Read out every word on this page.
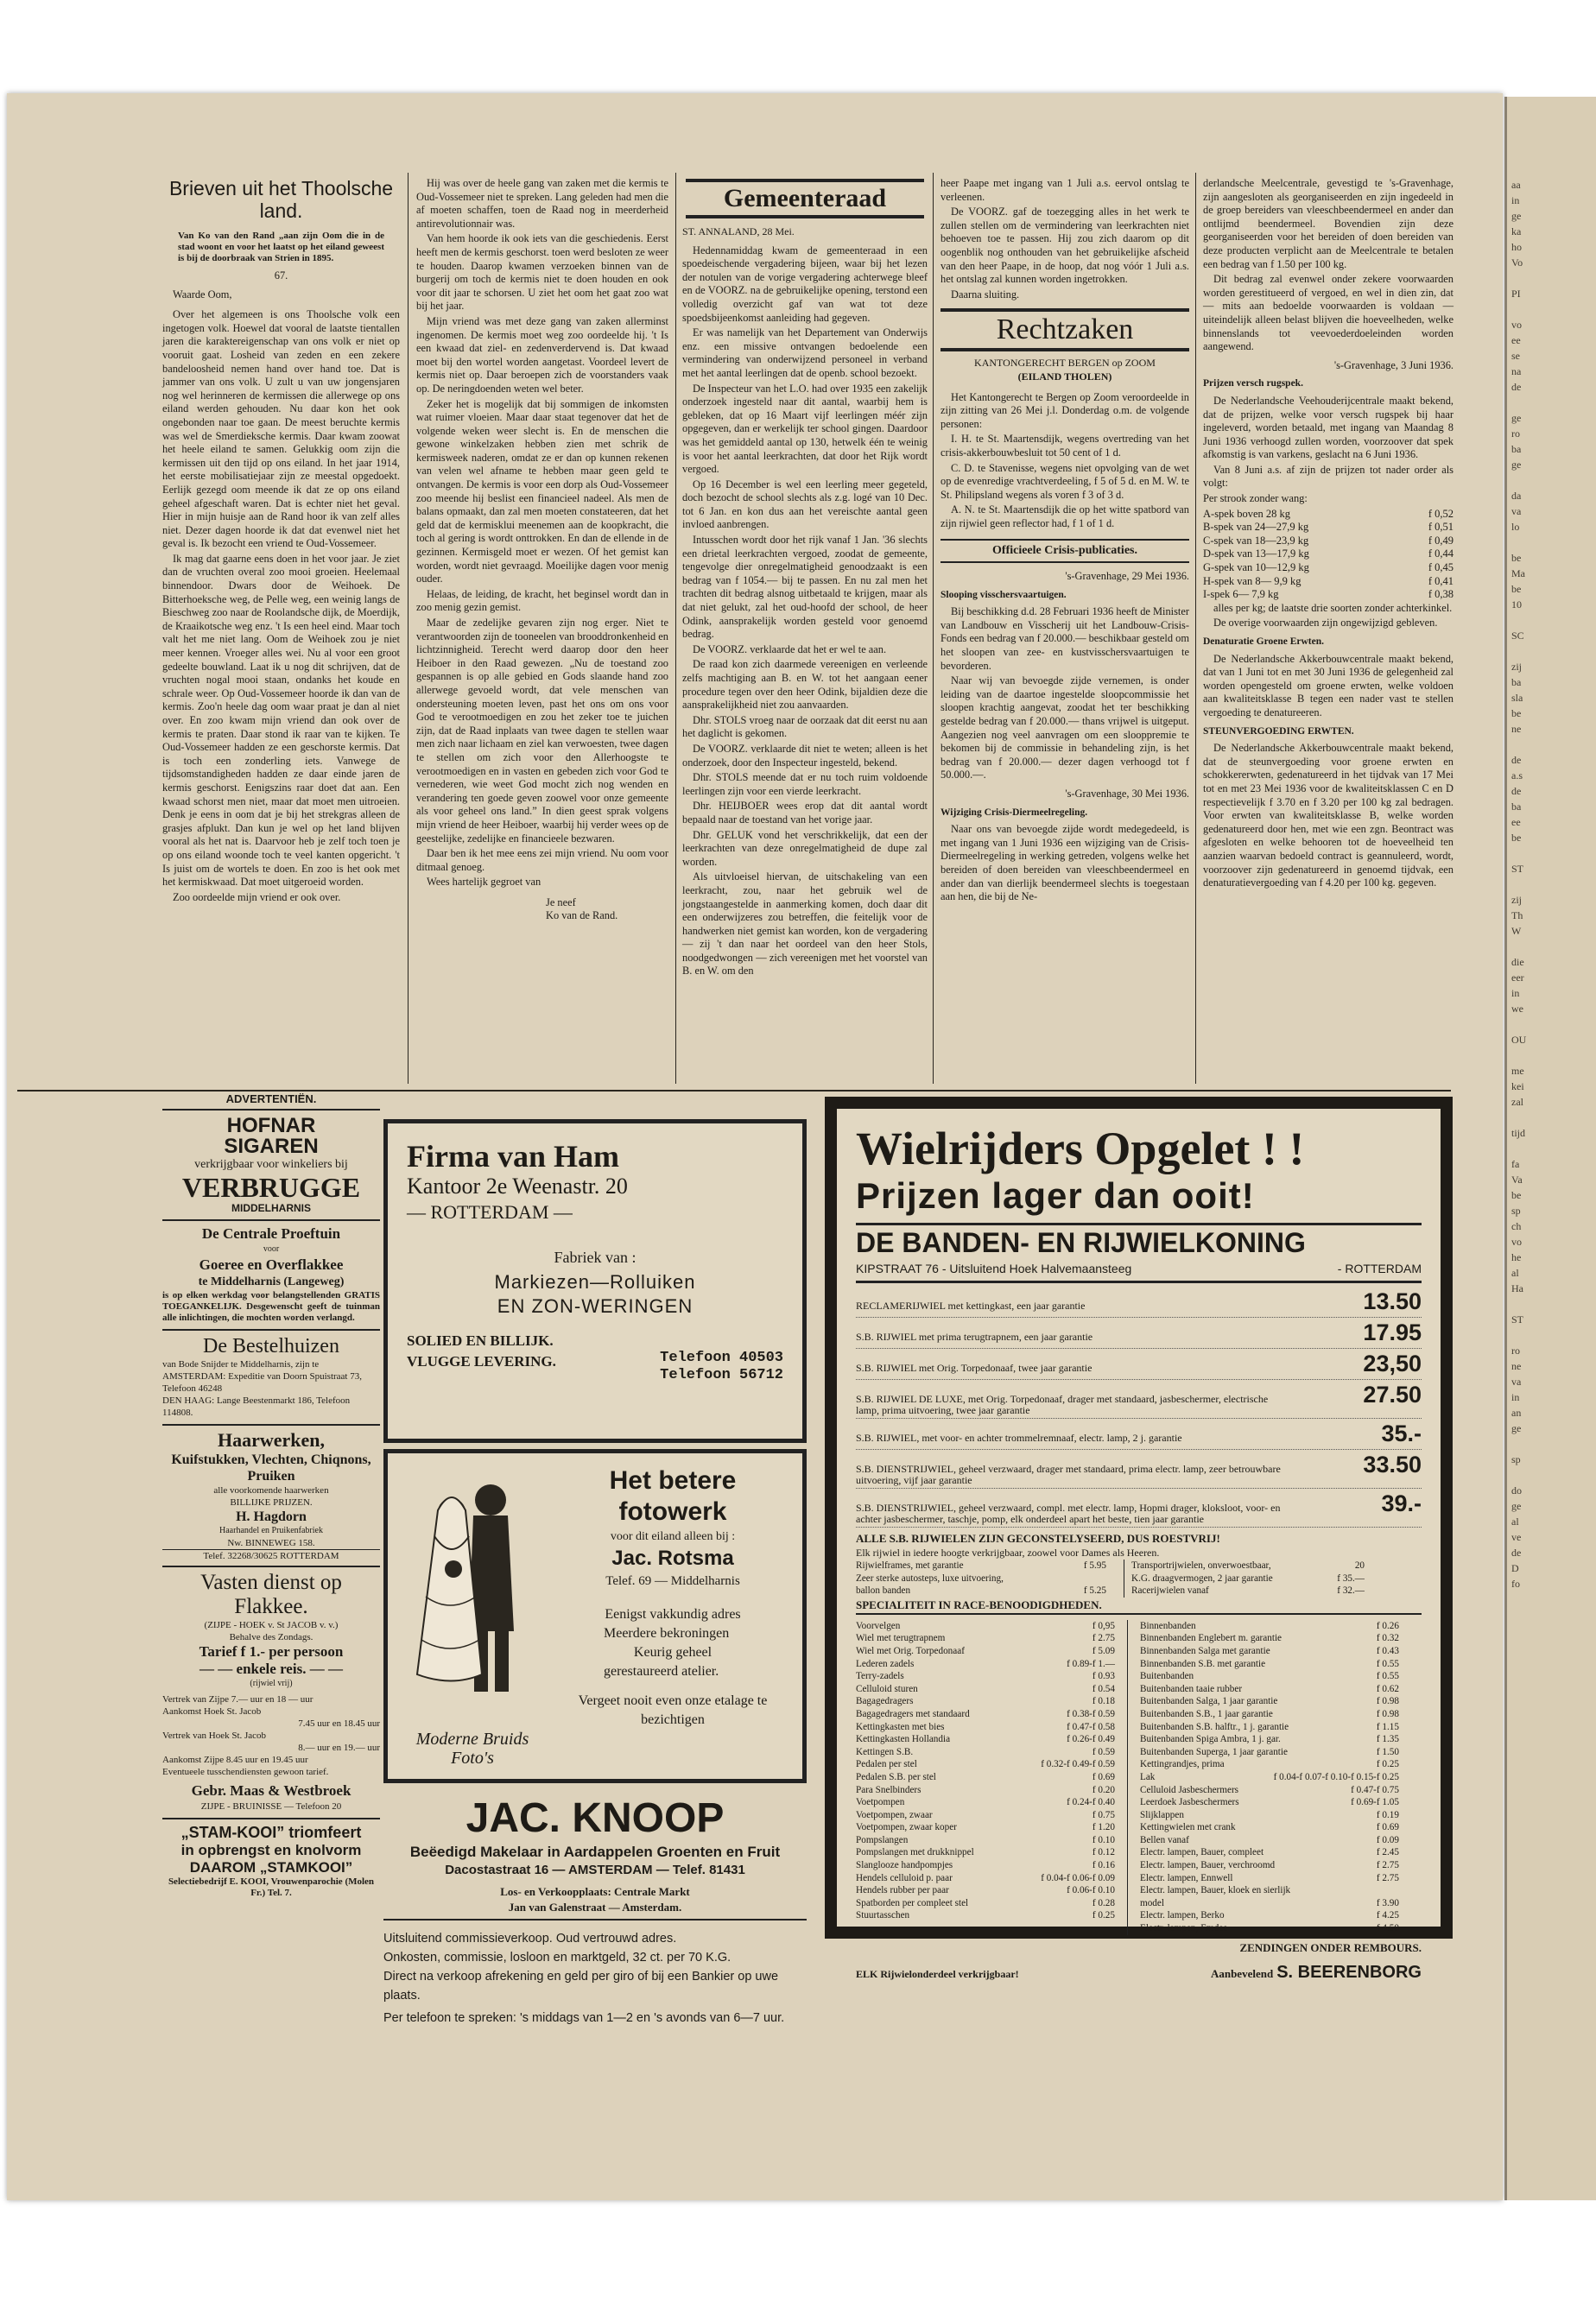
Brieven uit het Thoolsche land.

Van Ko van den Rand „aan zijn Oom die in de stad woont en voor het laatst op het eiland geweest is bij de doorbraak van Strien in 1895.

67.

Waarde Oom,

Over het algemeen is ons Thoolsche volk een ingetogen volk. Hoewel dat vooral de laatste tientallen jaren die karaktereigenschap van ons volk er niet op vooruit gaat. Losheid van zeden en een zekere bandeloosheid nemen hand over hand toe. Dat is jammer van ons volk. U zult u van uw jongensjaren nog wel herinneren de kermissen die allerwege op ons eiland werden gehouden. Nu daar kon het ook ongebonden naar toe gaan. De meest beruchte kermis was wel de Smerdieksche kermis. Daar kwam zoowat het heele eiland te samen. Gelukkig oom zijn die kermissen uit den tijd op ons eiland. In het jaar 1914, het eerste mobilisatiejaar zijn ze meestal opgedoekt. Eerlijk gezegd oom meende ik dat ze op ons eiland geheel afgeschaft waren. Dat is echter niet het geval. Hier in mijn huisje aan de Rand hoor ik van zelf alles niet. Dezer dagen hoorde ik dat dat evenwel niet het geval is. Ik bezocht een vriend te Oud-Vossemeer.

Ik mag dat gaarne eens doen in het voor jaar. Je ziet dan de vruchten overal zoo mooi groeien. Heelemaal binnendoor. Dwars door de Weihoek. De Bitterhoeksche weg, de Pelle weg, een weinig langs de Bieschweg zoo naar de Roolandsche dijk, de Moerdijk, de Kraaikotsche weg enz. 't Is een heel eind. Maar toch valt het me niet lang. Oom de Weihoek zou je niet meer kennen. Vroeger alles wei. Nu al voor een groot gedeelte bouwland. Laat ik u nog dit schrijven, dat de vruchten nogal mooi staan, ondanks het koude en schrale weer. Op Oud-Vossemeer hoorde ik dan van de kermis. Zoo'n heele dag oom waar praat je dan al niet over. En zoo kwam mijn vriend dan ook over de kermis te praten. Daar stond ik raar van te kijken. Te Oud-Vossemeer hadden ze een geschorste kermis. Dat is toch een zonderling iets. Vanwege de tijdsomstandigheden hadden ze daar einde jaren de kermis geschorst. Eenigszins raar doet dat aan. Een kwaad schorst men niet, maar dat moet men uitroeien. Denk je eens in oom dat je bij het strekgras alleen de grasjes afplukt. Dan kun je wel op het land blijven vooral als het nat is. Daarvoor heb je zelf toch toen je op ons eiland woonde toch te veel kanten opgericht. 't Is juist om de wortels te doen. En zoo is het ook met het kermiskwaad. Dat moet uitgeroeid worden.

Zoo oordeelde mijn vriend er ook over.

Hij was over de heele gang van zaken met die kermis te Oud-Vossemeer niet te spreken. Lang geleden had men die af moeten schaffen, toen de Raad nog in meerderheid antirevolutionnair was.

Van hem hoorde ik ook iets van die geschiedenis. Eerst heeft men de kermis geschorst. toen werd besloten ze weer te houden. Daarop kwamen verzoeken binnen van de burgerij om toch de kermis niet te doen houden en ook voor dit jaar te schorsen. U ziet het oom het gaat zoo wat bij het jaar.

Mijn vriend was met deze gang van zaken allerminst ingenomen. De kermis moet weg zoo oordeelde hij. 't Is een kwaad dat ziel- en zedenverdervend is. Dat kwaad moet bij den wortel worden aangetast. Voordeel levert de kermis niet op. Daar beroepen zich de voorstanders vaak op. De neringdoenden weten wel beter.

Zeker het is mogelijk dat bij sommigen de inkomsten wat ruimer vloeien. Maar daar staat tegenover dat het de volgende weken weer slecht is. En de menschen die gewone winkelzaken hebben zien met schrik de kermisweek naderen, omdat ze er dan op kunnen rekenen van velen wel afname te hebben maar geen geld te ontvangen. De kermis is voor een dorp als Oud-Vossemeer zoo meende hij beslist een financieel nadeel. Als men de balans opmaakt, dan zal men moeten constateeren, dat het geld dat de kermisklui meenemen aan de koopkracht, die toch al gering is wordt onttrokken. En dan de ellende in de gezinnen. Kermisgeld moet er wezen. Of het gemist kan worden, wordt niet gevraagd. Moeilijke dagen voor menig ouder.

Helaas, de leiding, de kracht, het beginsel wordt dan in zoo menig gezin gemist.

Maar de zedelijke gevaren zijn nog erger. Niet te verantwoorden zijn de tooneelen van brooddronkenheid en lichtzinnigheid. Terecht werd daarop door den heer Heiboer in den Raad gewezen. „Nu de toestand zoo gespannen is op alle gebied en Gods slaande hand zoo allerwege gevoeld wordt, dat vele menschen van ondersteuning moeten leven, past het ons om ons voor God te verootmoedigen en zou het zeker toe te juichen zijn, dat de Raad inplaats van twee dagen te stellen waar men zich naar lichaam en ziel kan verwoesten, twee dagen te stellen om zich voor den Allerhoogste te verootmoedigen en in vasten en gebeden zich voor God te vernederen, wie weet God mocht zich nog wenden en verandering ten goede geven zoowel voor onze gemeente als voor geheel ons land.” In dien geest sprak volgens mijn vriend de heer Heiboer, waarbij hij verder wees op de geestelijke, zedelijke en financieele bezwaren.

Daar ben ik het mee eens zei mijn vriend. Nu oom voor ditmaal genoeg.

Wees hartelijk gegroet van

Je neef
Ko van de Rand.
Gemeenteraad
ST. ANNALAND, 28 Mei.

Hedennamiddag kwam de gemeenteraad in een spoedeischende vergadering bijeen, waar bij het lezen der notulen van de vorige vergadering achterwege bleef en de VOORZ. na de gebruikelijke opening, terstond een volledig overzicht gaf van wat tot deze spoedsbijeenkomst aanleiding had gegeven.

Er was namelijk van het Departement van Onderwijs enz. een missive ontvangen bedoelende een vermindering van onderwijzend personeel in verband met het aantal leerlingen dat de openb. school bezoekt.

De Inspecteur van het L.O. had over 1935 een zakelijk onderzoek ingesteld naar dit aantal, waarbij hem is gebleken, dat op 16 Maart vijf leerlingen méér zijn opgegeven, dan er werkelijk ter school gingen. Daardoor was het gemiddeld aantal op 130, hetwelk één te weinig is voor het aantal leerkrachten, dat door het Rijk wordt vergoed.

Op 16 December is wel een leerling meer gegeteld, doch bezocht de school slechts als z.g. logé van 10 Dec. tot 6 Jan. en kon dus aan het vereischte aantal geen invloed aanbrengen.

Intusschen wordt door het rijk vanaf 1 Jan. '36 slechts een drietal leerkrachten vergoed, zoodat de gemeente, tengevolge dier onregelmatigheid genoodzaakt is een bedrag van f 1054.— bij te passen. En nu zal men het trachten dit bedrag alsnog uitbetaald te krijgen, maar als dat niet gelukt, zal het oud-hoofd der school, de heer Odink, aansprakelijk worden gesteld voor genoemd bedrag.

De VOORZ. verklaarde dat het er wel te aan.

De raad kon zich daarmede vereenigen en verleende zelfs machtiging aan B. en W. tot het aangaan eener procedure tegen over den heer Odink, bijaldien deze die aansprakelijkheid niet zou aanvaarden.

Dhr. STOLS vroeg naar de oorzaak dat dit eerst nu aan het daglicht is gekomen.

De VOORZ. verklaarde dit niet te weten; alleen is het onderzoek, door den Inspecteur ingesteld, bekend.

Dhr. STOLS meende dat er nu toch ruim voldoende leerlingen zijn voor een vierde leerkracht.

Dhr. HEIJBOER wees erop dat dit aantal wordt bepaald naar de toestand van het vorige jaar.

Dhr. GELUK vond het verschrikkelijk, dat een der leerkrachten van deze onregelmatigheid de dupe zal worden.

Als uitvloeisel hiervan, de uitschakeling van een leerkracht, zou, naar het gebruik wel de jongstaangestelde in aanmerking komen, doch daar dit een onderwijzeres zou betreffen, die feitelijk voor de handwerken niet gemist kan worden, kon de vergadering — zij 't dan naar het oordeel van den heer Stols, noodgedwongen — zich vereenigen met het voorstel van B. en W. om den

heer Paape met ingang van 1 Juli a.s. eervol ontslag te verleenen.

De VOORZ. gaf de toezegging alles in het werk te zullen stellen om de vermindering van leerkrachten niet behoeven toe te passen. Hij zou zich daarom op dit oogenblik nog onthouden van het gebruikelijke afscheid van den heer Paape, in de hoop, dat nog vóór 1 Juli a.s. het ontslag zal kunnen worden ingetrokken.

Daarna sluiting.

Rechtzaken
KANTONGERECHT BERGEN op ZOOM
(EILAND THOLEN)

Het Kantongerecht te Bergen op Zoom veroordeelde in zijn zitting van 26 Mei j.l. Donderdag o.m. de volgende personen:

I. H. te St. Maartensdijk, wegens overtreding van het crisis-akkerbouwbesluit tot 50 cent of 1 d.

C. D. te Stavenisse, wegens niet opvolging van de wet op de evenredige vrachtverdeeling, f 5 of 5 d. en M. W. te St. Philipsland wegens als voren f 3 of 3 d.

A. N. te St. Maartensdijk die op het witte spatbord van zijn rijwiel geen reflector had, f 1 of 1 d.

Officieele Crisis-publicaties.
's-Gravenhage, 29 Mei 1936.
Slooping visschersvaartuigen.

Bij beschikking d.d. 28 Februari 1936 heeft de Minister van Landbouw en Visscherij uit het Landbouw-Crisis-Fonds een bedrag van f 20.000.— beschikbaar gesteld om het sloopen van zee- en kustvisschersvaartuigen te bevorderen.

Naar wij van bevoegde zijde vernemen, is onder leiding van de daartoe ingestelde sloopcommissie het sloopen krachtig aangevat, zoodat het ter beschikking gestelde bedrag van f 20.000.— thans vrijwel is uitgeput. Aangezien nog veel aanvragen om een slooppremie te bekomen bij de commissie in behandeling zijn, is het bedrag van f 20.000.— dezer dagen verhoogd tot f 50.000.—.

's-Gravenhage, 30 Mei 1936.
Wijziging Crisis-Diermeelregeling.

Naar ons van bevoegde zijde wordt medegedeeld, is met ingang van 1 Juni 1936 een wijziging van de Crisis-Diermeelregeling in werking getreden, volgens welke het bereiden of doen bereiden van vleeschbeendermeel en ander dan van dierlijk beendermeel slechts is toegestaan aan hen, die bij de Ne-

derlandsche Meelcentrale, gevestigd te 's-Gravenhage, zijn aangesloten als georganiseerden en zijn ingedeeld in de groep bereiders van vleeschbeendermeel en ander dan ontlijmd beendermeel. Bovendien zijn deze georganiseerden voor het bereiden of doen bereiden van deze producten verplicht aan de Meelcentrale te betalen een bedrag van f 1.50 per 100 kg.

Dit bedrag zal evenwel onder zekere voorwaarden worden gerestitueerd of vergoed, en wel in dien zin, dat — mits aan bedoelde voorwaarden is voldaan — uiteindelijk alleen belast blijven die hoeveelheden, welke binnenslands tot veevoederdoeleinden worden aangewend.

's-Gravenhage, 3 Juni 1936.
Prijzen versch rugspek.

De Nederlandsche Veehouderijcentrale maakt bekend, dat de prijzen, welke voor versch rugspek bij haar ingeleverd, worden betaald, met ingang van Maandag 8 Juni 1936 verhoogd zullen worden, voorzoover dat spek afkomstig is van varkens, geslacht na 6 Juni 1936.

Van 8 Juni a.s. af zijn de prijzen tot nader order als volgt:

Per strook zonder wang:

A-spek boven 28 kg	f 0,52
B-spek van 24—27,9 kg	f 0,51
C-spek van 18—23,9 kg	f 0,49
D-spek van 13—17,9 kg	f 0,44
G-spek van 10—12,9 kg	f 0,45
H-spek van 8— 9,9 kg	f 0,41
I-spek 6— 7,9 kg	f 0,38

alles per kg; de laatste drie soorten zonder achterkinkel.

De overige voorwaarden zijn ongewijzigd gebleven.

Denaturatie Groene Erwten.

De Nederlandsche Akkerbouwcentrale maakt bekend, dat van 1 Juni tot en met 30 Juni 1936 de gelegenheid zal worden opengesteld om groene erwten, welke voldoen aan kwaliteitsklasse B tegen een nader vast te stellen vergoeding te denatureeren.

STEUNVERGOEDING ERWTEN.

De Nederlandsche Akkerbouwcentrale maakt bekend, dat de steunvergoeding voor groene erwten en schokkererwten, gedenatureerd in het tijdvak van 17 Mei tot en met 23 Mei 1936 voor de kwaliteitsklassen C en D respectievelijk f 3.70 en f 3.20 per 100 kg zal bedragen. Voor erwten van kwaliteitsklasse B, welke worden gedenatureerd door hen, met wie een zgn. Beontract was afgesloten en welke behooren tot de hoeveelheid ten aanzien waarvan bedoeld contract is geannuleerd, wordt, voorzoover zijn gedenatureerd in genoemd tijdvak, een denaturatievergoeding van f 4.20 per 100 kg. gegeven.

aa
in
ge
ka
ho
Vo

PI

vo
ee
se
na
de

ge
ro
ba
ge

da
va
lo

be
Ma
be
10

SC

zij
ba
sla
be
ne

de
a.s
de
ba
ee
be

ST

zij
Th
W

die
eer
in
we

OU

me
kei
zal

tijd

fa
Va
be
sp
ch
vo
he
al
Ha

ST

ro
ne
va
in
an
ge

sp

do
ge
al
ve
de
D
fo
ADVERTENTIËN.
HOFNAR
SIGAREN
verkrijgbaar voor winkeliers bij
VERBRUGGE
MIDDELHARNIS
De Centrale Proeftuin
voor
Goeree en Overflakkee
te Middelharnis (Langeweg)
is op elken werkdag voor belangstellenden GRATIS TOEGANKELIJK. Desgewenscht geeft de tuinman alle inlichtingen, die mochten worden verlangd.
De Bestelhuizen
van Bode Snijder te Middelharnis, zijn te
AMSTERDAM: Expeditie van Doorn Spuistraat 73, Telefoon 46248
DEN HAAG: Lange Beestenmarkt 186, Telefoon 114808.
Haarwerken,
Kuifstukken, Vlechten, Chiqnons, Pruiken
alle voorkomende haarwerken
BILLIJKE PRIJZEN.
H. Hagdorn
Haarhandel en Pruikenfabriek
Nw. BINNEWEG 158.
Telef. 32268/30625 ROTTERDAM
Vasten dienst op Flakkee.
(ZIJPE - HOEK v. St JACOB v. v.)
Behalve des Zondags.
Tarief f 1.- per persoon
— — enkele reis. — —
(rijwiel vrij)
Vertrek van Zijpe 7.— uur en 18 — uur
Aankomst Hoek St. Jacob
7.45 uur en 18.45 uur
Vertrek van Hoek St. Jacob
8.— uur en 19.— uur
Aankomst Zijpe 8.45 uur en 19.45 uur
Eventueele tusschendiensten gewoon tarief.
Gebr. Maas & Westbroek
ZIJPE - BRUINISSE — Telefoon 20
„STAM-KOOI” triomfeert
in opbrengst en knolvorm
DAAROM „STAMKOOI”
Selectiebedrijf E. KOOI, Vrouwenparochie (Molen Fr.) Tel. 7.
Firma van Ham
Kantoor 2e Weenastr. 20
— ROTTERDAM —
Fabriek van :
Markiezen—Rolluiken
EN ZON-WERINGEN
SOLIED EN BILLIJK.
VLUGGE LEVERING.	Telefoon 40503
Telefoon 56712
Moderne Bruids Foto's
Het betere fotowerk
voor dit eiland alleen bij :
Jac. Rotsma
Telef. 69 — Middelharnis
Eenigst vakkundig adres
Meerdere bekroningen
Keurig geheel
gerestaureerd atelier.
Vergeet nooit even onze etalage te bezichtigen
JAC. KNOOP
Beëedigd Makelaar in Aardappelen Groenten en Fruit
Dacostastraat 16 — AMSTERDAM — Telef. 81431
Los- en Verkoopplaats: Centrale Markt
Jan van Galenstraat — Amsterdam.
Uitsluitend commissieverkoop. Oud vertrouwd adres.
Onkosten, commissie, losloon en marktgeld, 32 ct. per 70 K.G.
Direct na verkoop afrekening en geld per giro of bij een Bankier op uwe plaats.
Per telefoon te spreken: 's middags van 1—2 en 's avonds van 6—7 uur.
Wielrijders Opgelet ! !
Prijzen lager dan ooit!
DE BANDEN- EN RIJWIELKONING
KIPSTRAAT 76 - Uitsluitend Hoek Halvemaansteeg	- ROTTERDAM
RECLAMERIJWIEL met kettingkast, een jaar garantie	13.50
S.B. RIJWIEL met prima terugtrapnem, een jaar garantie	17.95
S.B. RIJWIEL met Orig. Torpedonaaf, twee jaar garantie	23,50
S.B. RIJWIEL DE LUXE, met Orig. Torpedonaaf, drager met standaard, jasbeschermer, electrische lamp, prima uitvoering, twee jaar garantie
27.50
S.B. RIJWIEL, met voor- en achter trommelremnaaf, electr. lamp, 2 j. garantie	35.-
S.B. DIENSTRIJWIEL, geheel verzwaard, drager met standaard, prima electr. lamp, zeer betrouwbare uitvoering, vijf jaar garantie
33.50
S.B. DIENSTRIJWIEL, geheel verzwaard, compl. met electr. lamp, Hopmi drager, kloksloot, voor- en achter jasbeschermer, taschje, pomp, elk onderdeel apart het beste, tien jaar garantie
39.-
ALLE S.B. RIJWIELEN ZIJN GECONSTELYSEERD, DUS ROESTVRIJ!
Elk rijwiel in iedere hoogte verkrijgbaar, zoowel voor Dames als Heeren.
Rijwielframes, met garantie	f 5.95
Zeer sterke autosteps, luxe uitvoering,
ballon banden	f 5.25
Transportrijwielen, onverwoestbaar,	20
K.G. draagvermogen, 2 jaar garantie	f 35.—
Racerijwielen vanaf	f 32.—
SPECIALITEIT IN RACE-BENOODIGDHEDEN.
Voorvelgen	f 0,95
Wiel met terugtrapnem	f 2.75
Wiel met Orig. Torpedonaaf	f 5.09
Lederen zadels	f 0.89-f 1.—
Terry-zadels	f 0.93
Celluloid sturen	f 0.54
Bagagedragers	f 0.18
Bagagedragers met standaard	f 0.38-f 0.59
Kettingkasten met bies	f 0.47-f 0.58
Kettingkasten Hollandia	f 0.26-f 0.49
Kettingen S.B.	f 0.59
Pedalen per stel	f 0.32-f 0.49-f 0.59
Pedalen S.B. per stel	f 0.69
Para Snelbinders	f 0.20
Voetpompen	f 0.24-f 0.40
Voetpompen, zwaar	f 0.75
Voetpompen, zwaar koper	f 1.20
Pompslangen	f 0.10
Pompslangen met drukknippel	f 0.12
Slanglooze handpompjes	f 0.16
Hendels celluloid p. paar	f 0.04-f 0.06-f 0.09
Hendels rubber per paar	f 0.06-f 0.10
Spatborden per compleet stel	f 0.28
Stuurtasschen	f 0.25
Binnenbanden	f 0.26
Binnenbanden Englebert m. garantie	f 0.32
Binnenbanden Salga met garantie	f 0.43
Binnenbanden S.B. met garantie	f 0.55
Buitenbanden	f 0.55
Buitenbanden taaie rubber	f 0.62
Buitenbanden Salga, 1 jaar garantie	f 0.98
Buitenbanden S.B., 1 jaar garantie	f 0.98
Buitenbanden S.B. halftr., 1 j. garantie	f 1.15
Buitenbanden Spiga Ambra, 1 j. gar.	f 1.35
Buitenbanden Superga, 1 jaar garantie	f 1.50
Kettingrandjes, prima	f 0.25
Lak	f 0.04-f 0.07-f 0.10-f 0.15-f 0.25
Celluloid Jasbeschermers	f 0.47-f 0.75
Leerdoek Jasbeschermers	f 0.69-f 1.05
Slijklappen	f 0.19
Kettingwielen met crank	f 0.69
Bellen vanaf	f 0.09
Electr. lampen, Bauer, compleet	f 2.45
Electr. lampen, Bauer, verchroomd	f 2.75
Electr. lampen, Ennwell	f 2.75
Electr. lampen, Bauer, kloek en sierlijk
model	f 3.90
Electr. lampen, Berko	f 4.25
Electr. lampen, Emdee	f 4.50
ZENDINGEN ONDER REMBOURS.
ELK Rijwielonderdeel verkrijgbaar!	Aanbevelend S. BEERENBORG
